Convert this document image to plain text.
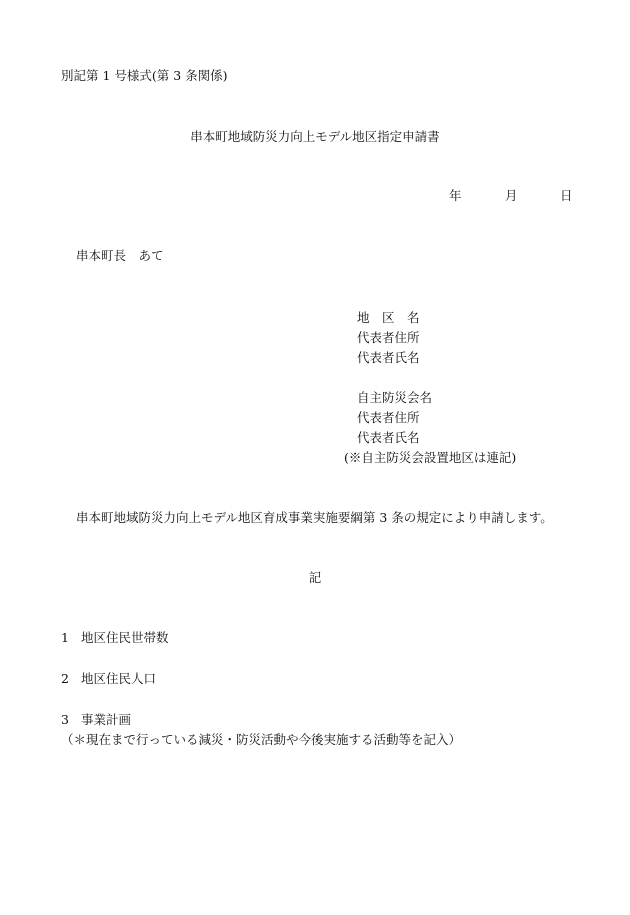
別記第 1 号様式(第 3 条関係)
串本町地域防災力向上モデル地区指定申請書
年	月	日
串本町長　あて
地　区　名
代表者住所
代表者氏名
自主防災会名
代表者住所
代表者氏名
(※自主防災会設置地区は連記)
串本町地域防災力向上モデル地区育成事業実施要綱第 3 条の規定により申請します。
記
1 地区住民世帯数
2 地区住民人口
3 事業計画
（＊現在まで行っている減災・防災活動や今後実施する活動等を記入）
